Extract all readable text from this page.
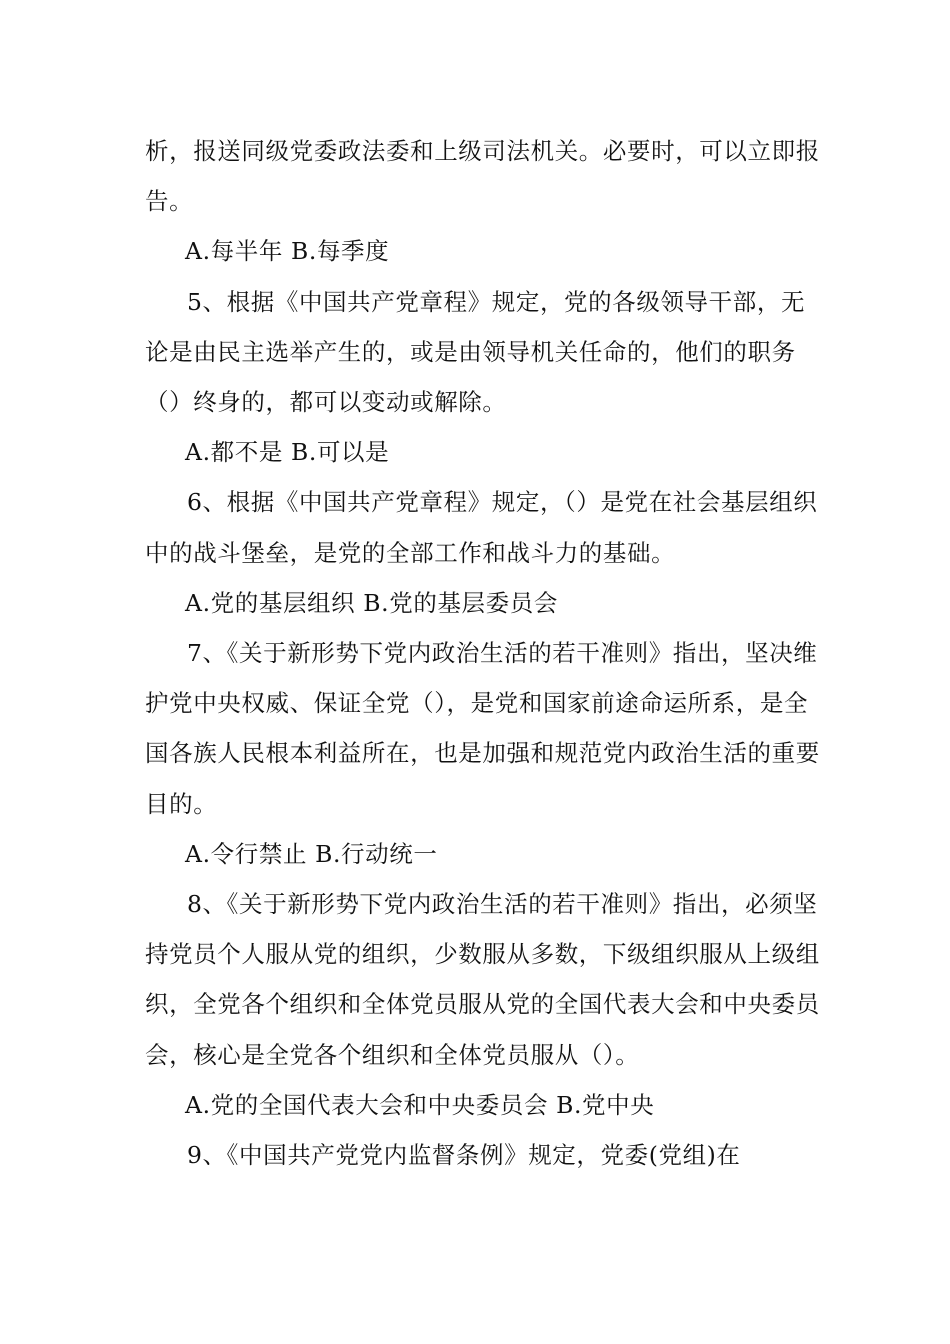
析，报送同级党委政法委和上级司法机关。必要时，可以立即报告。

A.每半年 B.每季度

5、根据《中国共产党章程》规定，党的各级领导干部，无论是由民主选举产生的，或是由领导机关任命的，他们的职务（）终身的，都可以变动或解除。

A.都不是 B.可以是

6、根据《中国共产党章程》规定，（）是党在社会基层组织中的战斗堡垒，是党的全部工作和战斗力的基础。

A.党的基层组织 B.党的基层委员会

7、《关于新形势下党内政治生活的若干准则》指出，坚决维护党中央权威、保证全党（），是党和国家前途命运所系，是全国各族人民根本利益所在，也是加强和规范党内政治生活的重要目的。

A.令行禁止 B.行动统一

8、《关于新形势下党内政治生活的若干准则》指出，必须坚持党员个人服从党的组织，少数服从多数，下级组织服从上级组织，全党各个组织和全体党员服从党的全国代表大会和中央委员会，核心是全党各个组织和全体党员服从（）。

A.党的全国代表大会和中央委员会 B.党中央

9、《中国共产党党内监督条例》规定，党委(党组)在
